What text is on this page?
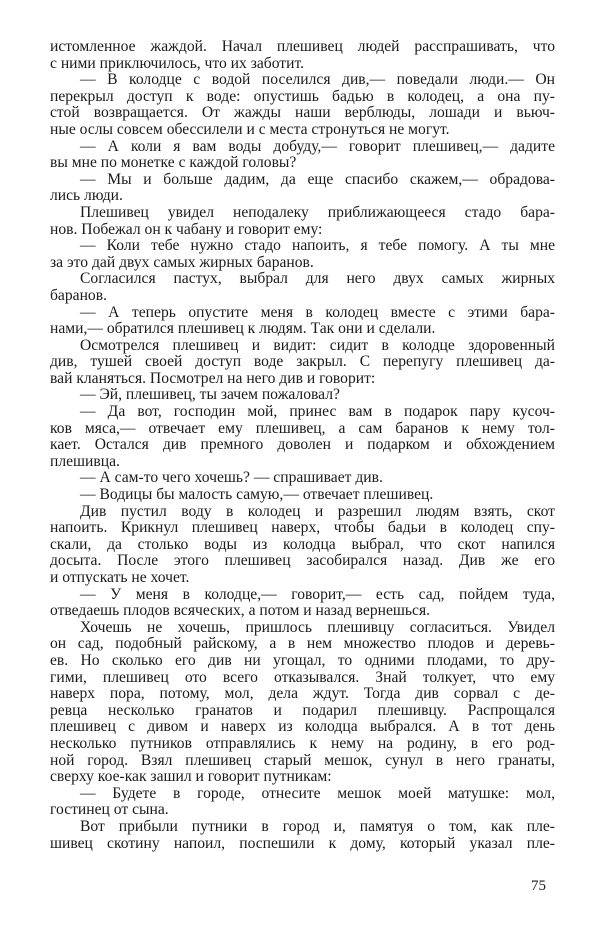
истомленное жаждой. Начал плешивец людей расспрашивать, что
с ними приключилось, что их заботит.
— В колодце с водой поселился див,— поведали люди.— Он
перекрыл доступ к воде: опустишь бадью в колодец, а она пу-
стой возвращается. От жажды наши верблюды, лошади и вьюч-
ные ослы совсем обессилели и с места стронуться не могут.
— А коли я вам воды добуду,— говорит плешивец,— дадите
вы мне по монетке с каждой головы?
— Мы и больше дадим, да еще спасибо скажем,— обрадова-
лись люди.
Плешивец увидел неподалеку приближающееся стадо бара-
нов. Побежал он к чабану и говорит ему:
— Коли тебе нужно стадо напоить, я тебе помогу. А ты мне
за это дай двух самых жирных баранов.
Согласился пастух, выбрал для него двух самых жирных
баранов.
— А теперь опустите меня в колодец вместе с этими бара-
нами,— обратился плешивец к людям. Так они и сделали.
Осмотрелся плешивец и видит: сидит в колодце здоровенный
див, тушей своей доступ воде закрыл. С перепугу плешивец да-
вай кланяться. Посмотрел на него див и говорит:
— Эй, плешивец, ты зачем пожаловал?
— Да вот, господин мой, принес вам в подарок пару кусоч-
ков мяса,— отвечает ему плешивец, а сам баранов к нему тол-
кает. Остался див премного доволен и подарком и обхождением
плешивца.
— А сам-то чего хочешь? — спрашивает див.
— Водицы бы малость самую,— отвечает плешивец.
Див пустил воду в колодец и разрешил людям взять, скот
напоить. Крикнул плешивец наверх, чтобы бадьи в колодец спу-
скали, да столько воды из колодца выбрал, что скот напился
досыта. После этого плешивец засобирался назад. Див же его
и отпускать не хочет.
— У меня в колодце,— говорит,— есть сад, пойдем туда,
отведаешь плодов всяческих, а потом и назад вернешься.
Хочешь не хочешь, пришлось плешивцу согласиться. Увидел
он сад, подобный райскому, а в нем множество плодов и деревь-
ев. Но сколько его див ни угощал, то одними плодами, то дру-
гими, плешивец ото всего отказывался. Знай толкует, что ему
наверх пора, потому, мол, дела ждут. Тогда див сорвал с де-
ревца несколько гранатов и подарил плешивцу. Распрощался
плешивец с дивом и наверх из колодца выбрался. А в тот день
несколько путников отправлялись к нему на родину, в его род-
ной город. Взял плешивец старый мешок, сунул в него гранаты,
сверху кое-как зашил и говорит путникам:
— Будете в городе, отнесите мешок моей матушке: мол,
гостинец от сына.
Вот прибыли путники в город и, памятуя о том, как пле-
шивец скотину напоил, поспешили к дому, который указал пле-
75
